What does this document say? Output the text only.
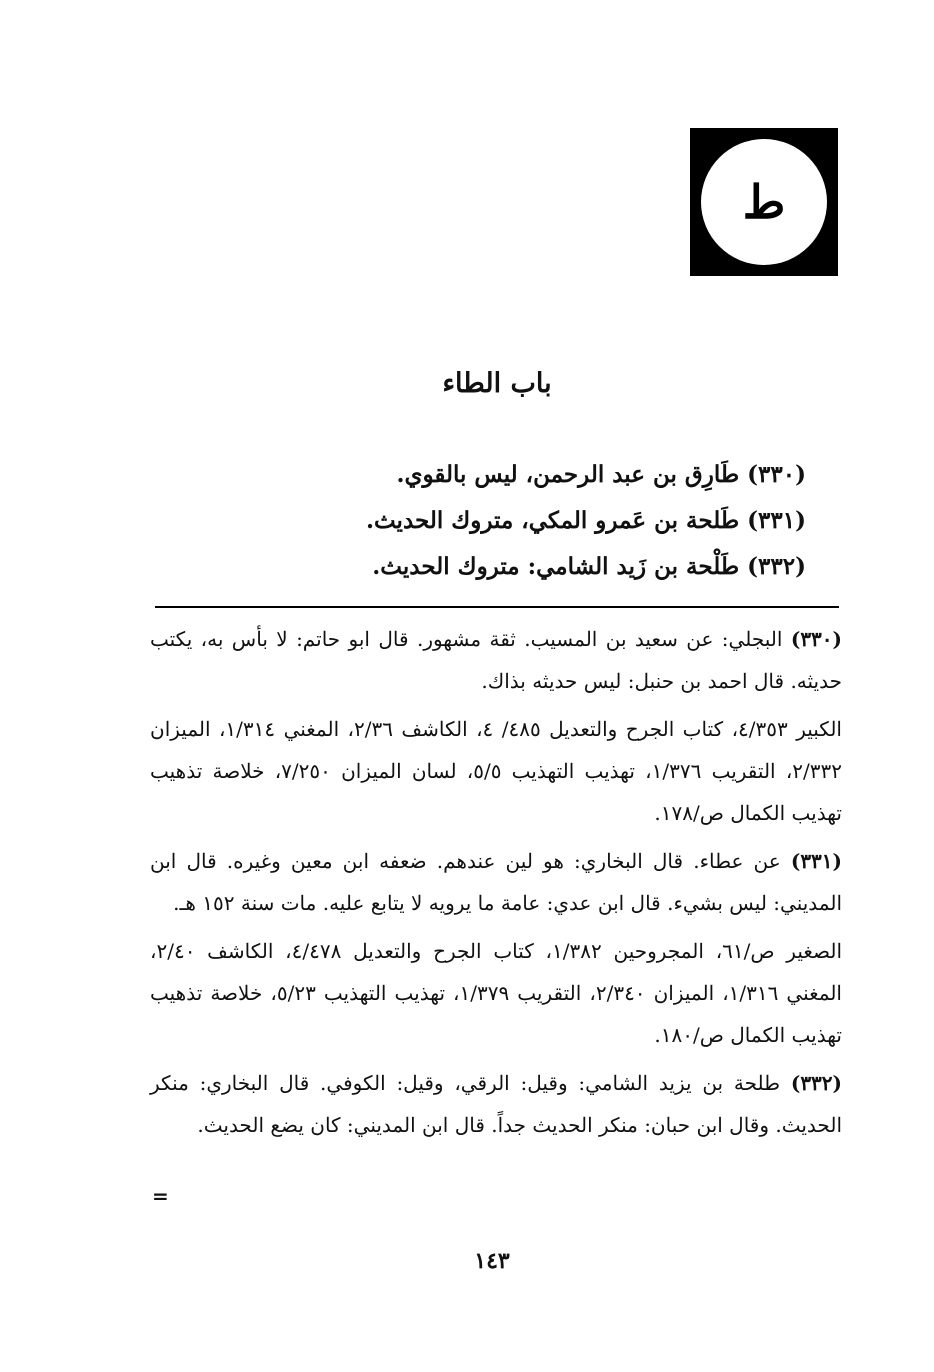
ط
باب الطاء
(٣٣٠) طَارِق بن عبد الرحمن، ليس بالقوي.
(٣٣١) طَلحة بن عَمرو المكي، متروك الحديث.
(٣٣٢) طَلْحة بن زَيد الشامي: متروك الحديث.

(٣٣٠) البجلي: عن سعيد بن المسيب. ثقة مشهور. قال ابو حاتم: لا بأس به، يكتب حديثه. قال احمد بن حنبل: ليس حديثه بذاك.

الكبير ٤/٣٥٣، كتاب الجرح والتعديل ٤٨٥/ ٤، الكاشف ٢/٣٦، المغني ١/٣١٤، الميزان ٢/٣٣٢، التقريب ١/٣٧٦، تهذيب التهذيب ٥/٥، لسان الميزان ٧/٢٥٠، خلاصة تذهيب تهذيب الكمال ص/١٧٨.

(٣٣١) عن عطاء. قال البخاري: هو لين عندهم. ضعفه ابن معين وغيره. قال ابن المديني: ليس بشيء. قال ابن عدي: عامة ما يرويه لا يتابع عليه. مات سنة ١٥٢ هـ.

الصغير ص/٦١، المجروحين ١/٣٨٢، كتاب الجرح والتعديل ٤/٤٧٨، الكاشف ٢/٤٠، المغني ١/٣١٦، الميزان ٢/٣٤٠، التقريب ١/٣٧٩، تهذيب التهذيب ٥/٢٣، خلاصة تذهيب تهذيب الكمال ص/١٨٠.

(٣٣٢) طلحة بن يزيد الشامي: وقيل: الرقي، وقيل: الكوفي. قال البخاري: منكر الحديث. وقال ابن حبان: منكر الحديث جداً. قال ابن المديني: كان يضع الحديث.

=
١٤٣
